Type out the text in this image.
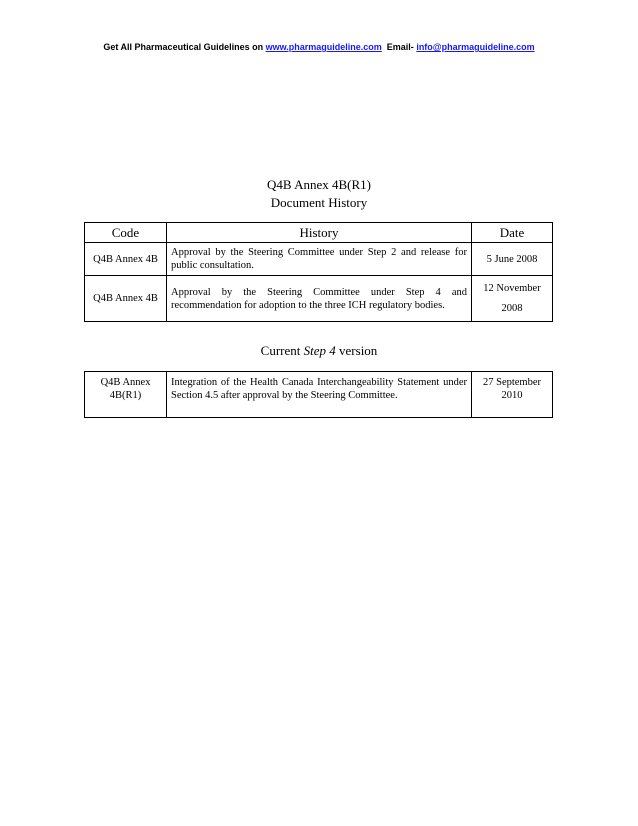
Get All Pharmaceutical Guidelines on www.pharmaguideline.com Email- info@pharmaguideline.com
Q4B Annex 4B(R1)
Document History
Code	History	Date
Q4B Annex 4B	Approval by the Steering Committee under Step 2 and release for public consultation.	5 June 2008
Q4B Annex 4B	Approval by the Steering Committee under Step 4 and recommendation for adoption to the three ICH regulatory bodies.	12 November 2008
Current Step 4 version
Q4B Annex 4B(R1)	Integration of the Health Canada Interchangeability Statement under Section 4.5 after approval by the Steering Committee.	27 September 2010
